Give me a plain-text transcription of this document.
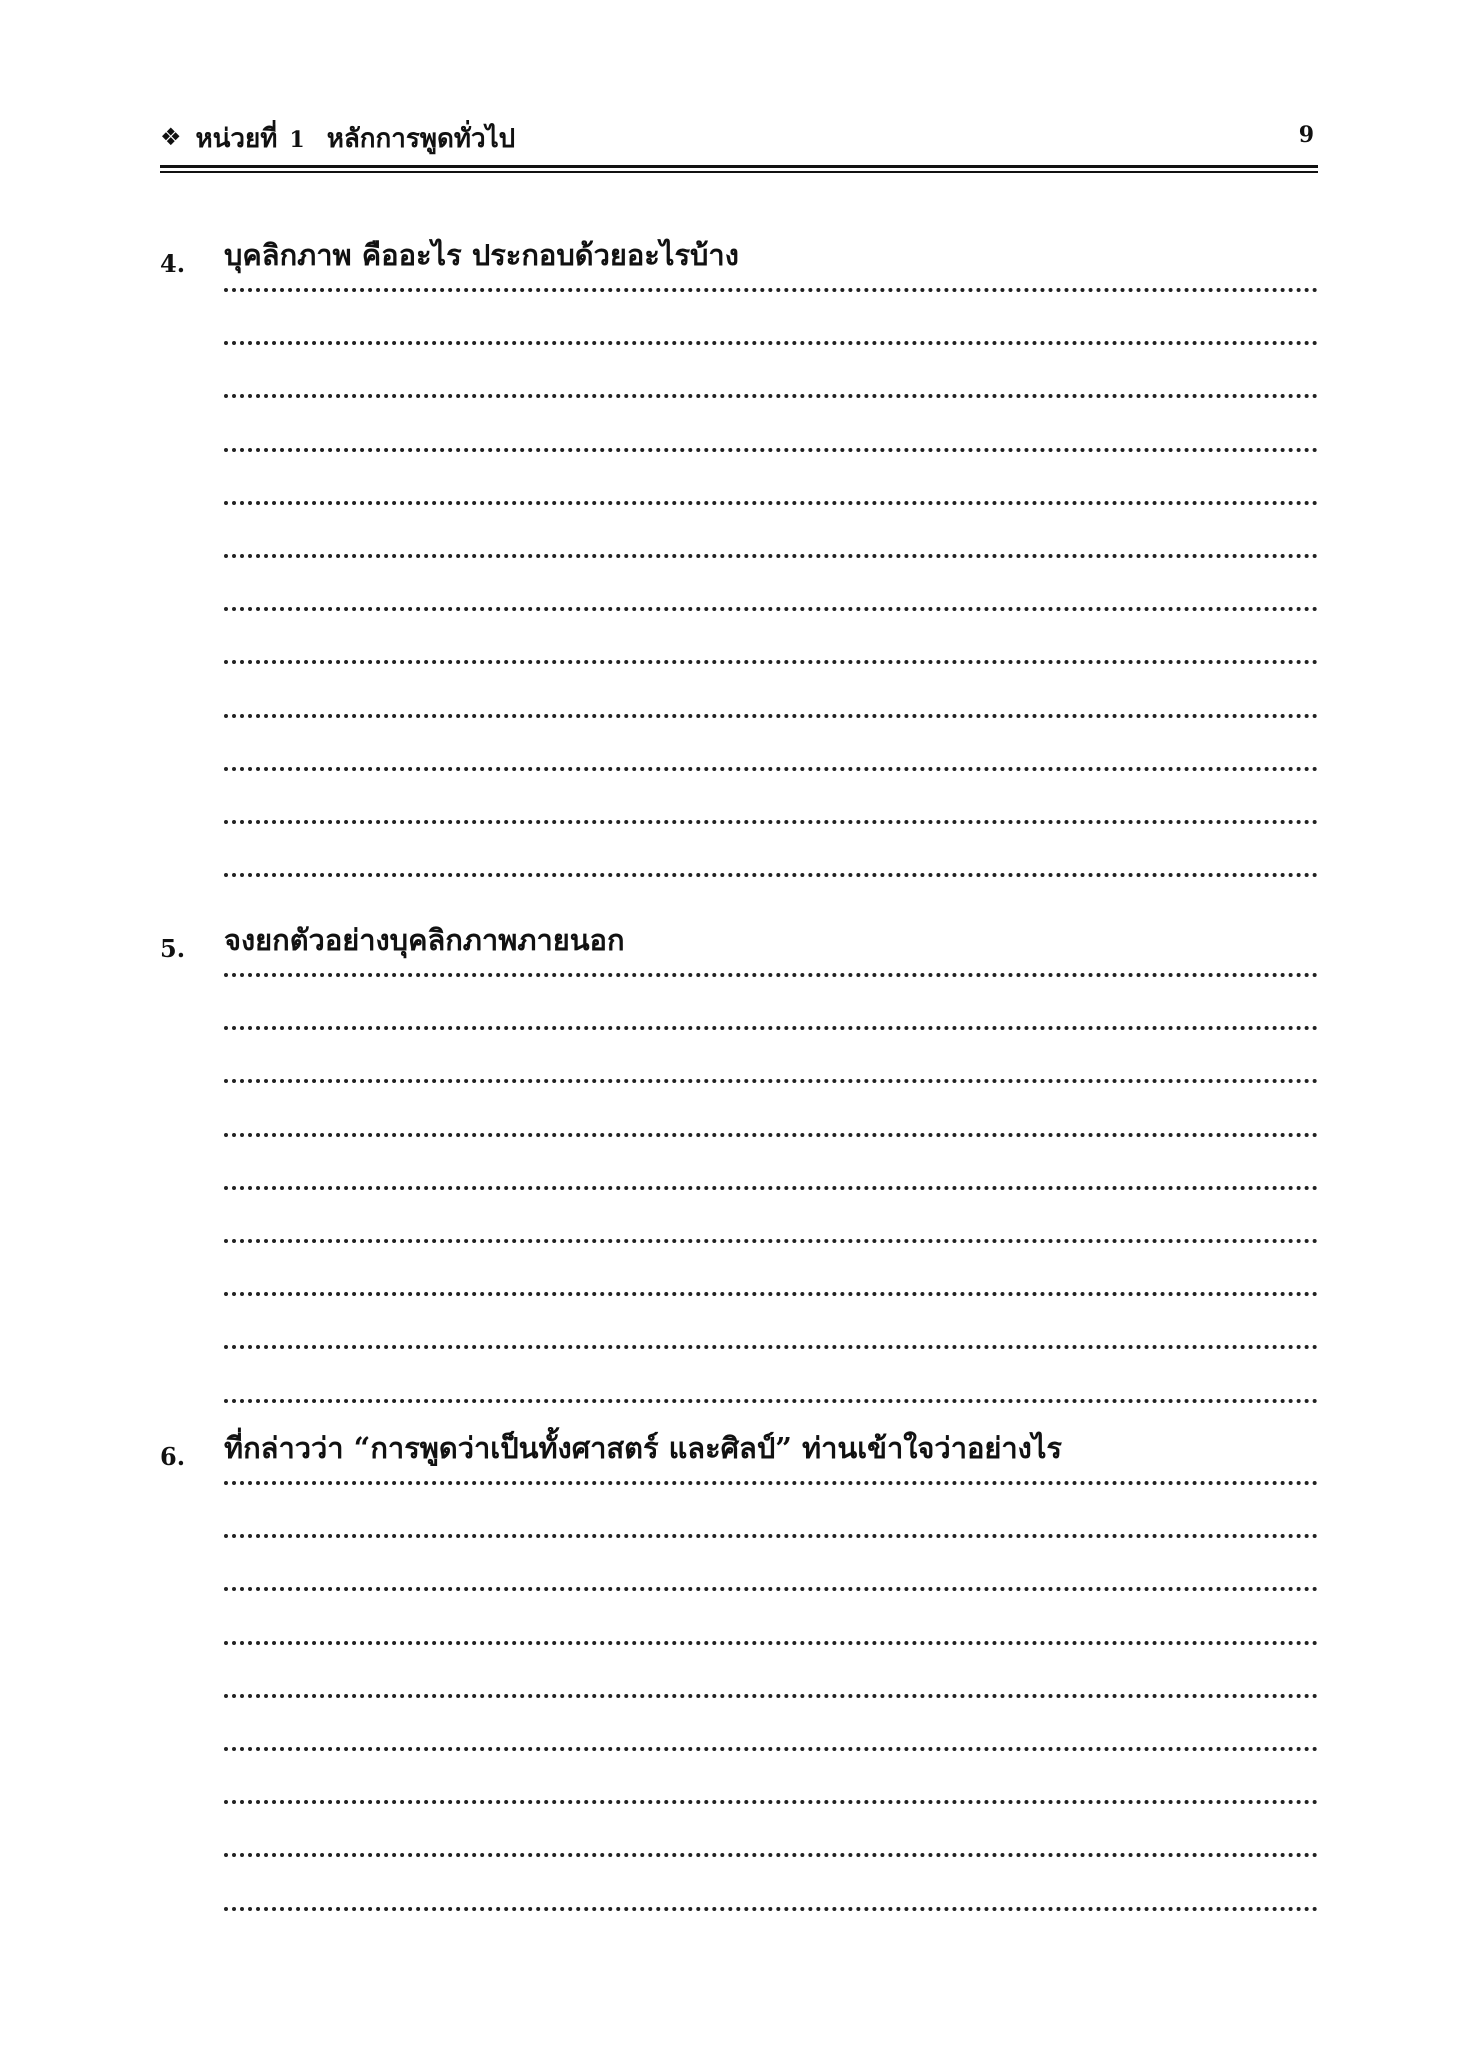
❖ หน่วยที่ 1 หลักการพูดทั่วไป	9
4. บุคลิกภาพ คืออะไร ประกอบด้วยอะไรบ้าง
5. จงยกตัวอย่างบุคลิกภาพภายนอก
6. ที่กล่าวว่า “การพูดว่าเป็นทั้งศาสตร์ และศิลป์” ท่านเข้าใจว่าอย่างไร
